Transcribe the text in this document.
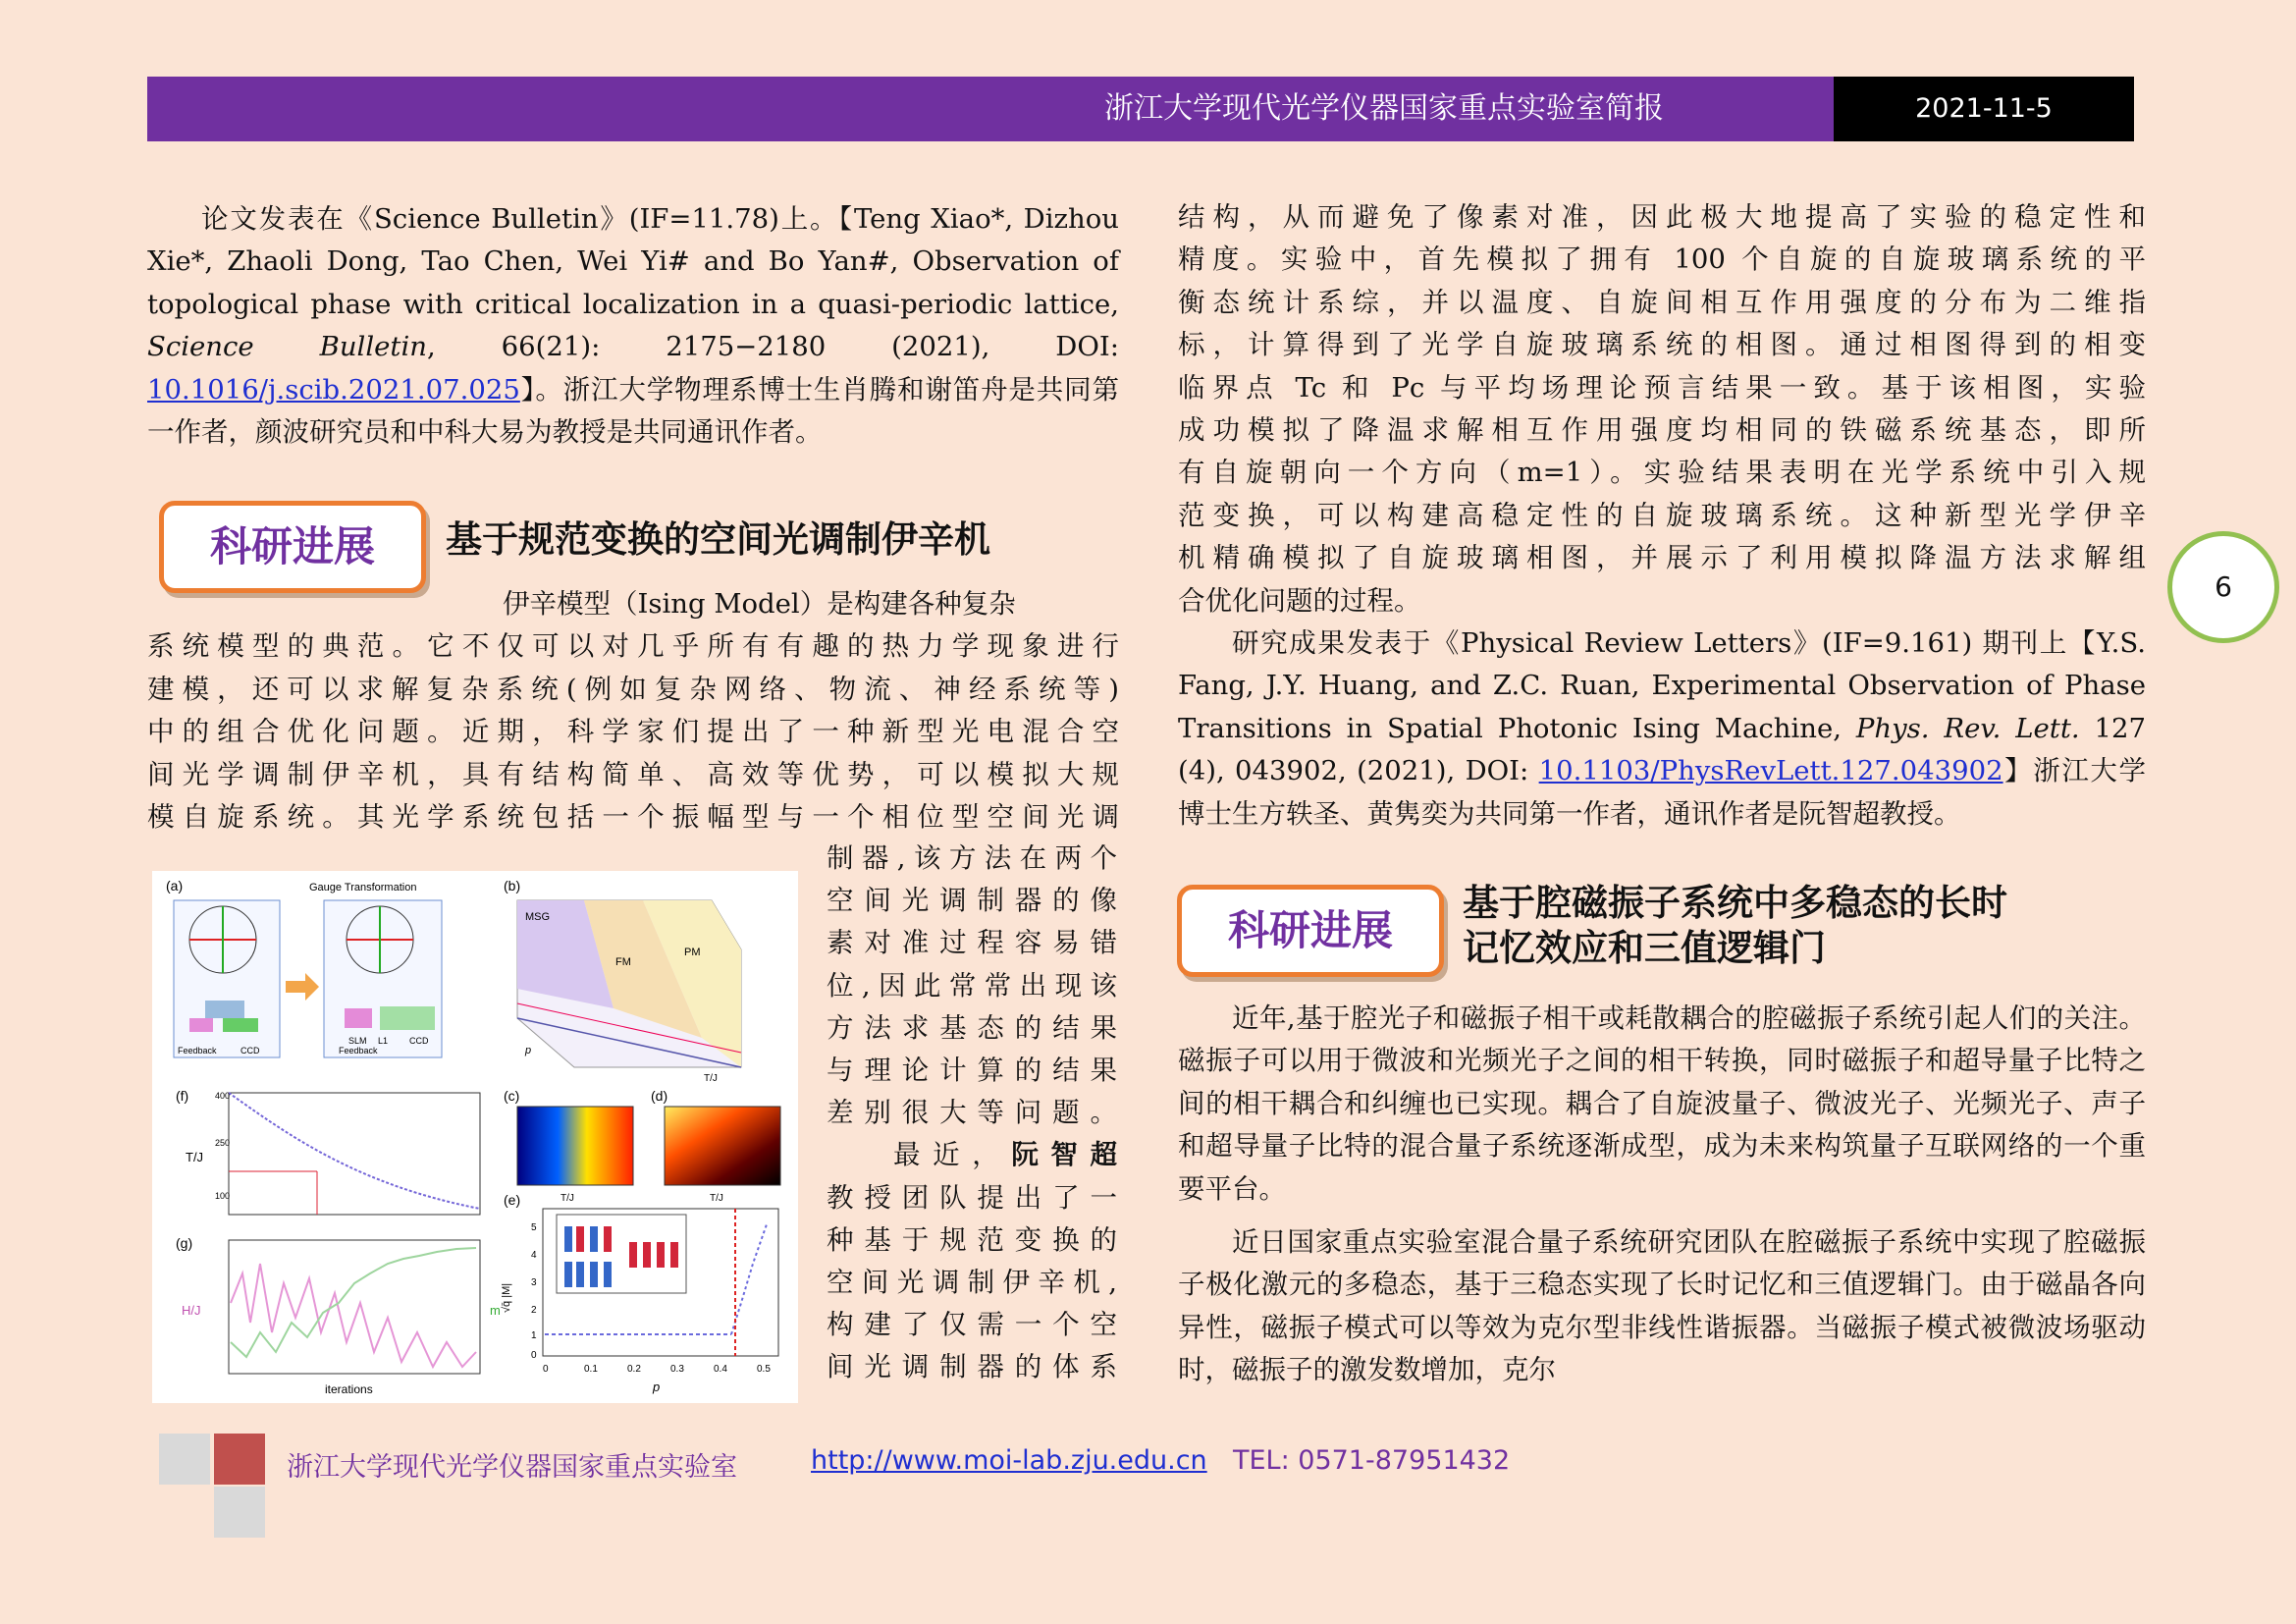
浙江大学现代光学仪器国家重点实验室简报	2021-11-5
6

论文发表在《Science Bulletin》(IF=11.78)上。【Teng Xiao*, Dizhou Xie*, Zhaoli Dong, Tao Chen, Wei Yi# and Bo Yan#, Observation of topological phase with critical localization in a quasi-periodic lattice, Science Bulletin, 66(21): 2175−2180 (2021), DOI: 10.1016/j.scib.2021.07.025】。浙江大学物理系博士生肖腾和谢笛舟是共同第一作者，颜波研究员和中科大易为教授是共同通讯作者。

科研进展	基于规范变换的空间光调制伊辛机

伊辛模型（Ising Model）是构建各种复杂

系统模型的典范。它不仅可以对几乎所有有趣的热力学现象进行

建模，还可以求解复杂系统(例如复杂网络、物流、神经系统等)

中的组合优化问题。近期，科学家们提出了一种新型光电混合空

间光学调制伊辛机，具有结构简单、高效等优势，可以模拟大规

模自旋系统。其光学系统包括一个振幅型与一个相位型空间光调

制器,该方法在两个

空间光调制器的像

素对准过程容易错

位,因此常常出现该

方法求基态的结果

与理论计算的结果

差别很大等问题。

最近，阮智超

教授团队提出了一

种基于规范变换的

空间光调制伊辛机,

构建了仅需一个空

间光调制器的体系

(a)	(b)
(c)	(d)
(e)
(f)
(g)
Gauge Transformation
Feedback	CCD
SLM L1 CCD
Feedback
MSG
FM
PM
p
T/J
T/J	T/J
400
250
100
T/J
H/J	m
iterations
0	0.1	0.2	0.3	0.4	0.5
5
4
3
2
1
0
p
√q̄ |M|

结构，从而避免了像素对准，因此极大地提高了实验的稳定性和

精度。实验中，首先模拟了拥有 100 个自旋的自旋玻璃系统的平

衡态统计系综，并以温度、自旋间相互作用强度的分布为二维指

标，计算得到了光学自旋玻璃系统的相图。通过相图得到的相变

临界点 Tc 和 Pc 与平均场理论预言结果一致。基于该相图，实验

成功模拟了降温求解相互作用强度均相同的铁磁系统基态，即所

有自旋朝向一个方向（m=1）。实验结果表明在光学系统中引入规

范变换，可以构建高稳定性的自旋玻璃系统。这种新型光学伊辛

机精确模拟了自旋玻璃相图，并展示了利用模拟降温方法求解组

合优化问题的过程。

研究成果发表于《Physical Review Letters》(IF=9.161) 期刊上【Y.S. Fang, J.Y. Huang, and Z.C. Ruan, Experimental Observation of Phase Transitions in Spatial Photonic Ising Machine, Phys. Rev. Lett. 127 (4), 043902, (2021), DOI: 10.1103/PhysRevLett.127.043902】浙江大学博士生方轶圣、黄隽奕为共同第一作者，通讯作者是阮智超教授。

科研进展
基于腔磁振子系统中多稳态的长时
记忆效应和三值逻辑门

近年,基于腔光子和磁振子相干或耗散耦合的腔磁振子系统引起人们的关注。磁振子可以用于微波和光频光子之间的相干转换，同时磁振子和超导量子比特之间的相干耦合和纠缠也已实现。耦合了自旋波量子、微波光子、光频光子、声子和超导量子比特的混合量子系统逐渐成型，成为未来构筑量子互联网络的一个重要平台。

近日国家重点实验室混合量子系统研究团队在腔磁振子系统中实现了腔磁振子极化激元的多稳态，基于三稳态实现了长时记忆和三值逻辑门。由于磁晶各向异性，磁振子模式可以等效为克尔型非线性谐振器。当磁振子模式被微波场驱动时，磁振子的激发数增加，克尔

浙江大学现代光学仪器国家重点实验室	http://www.moi-lab.zju.edu.cn TEL: 0571-87951432
